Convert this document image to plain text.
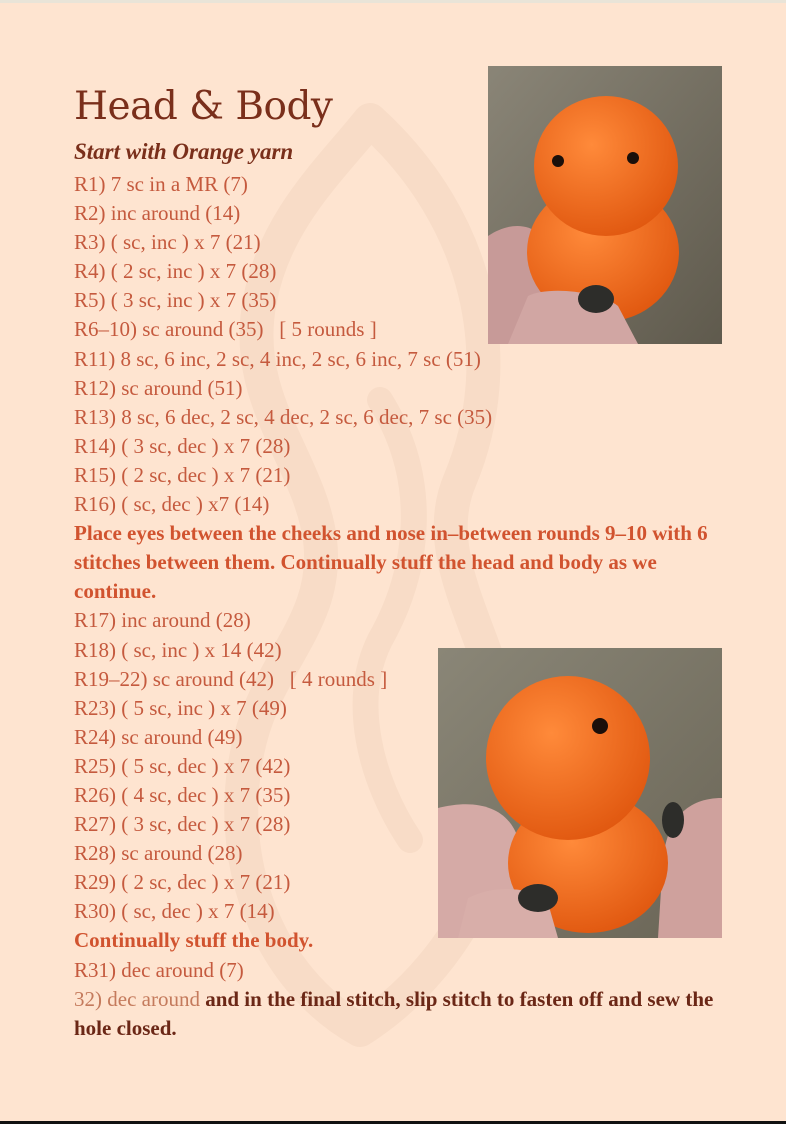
Head & Body
Start with Orange yarn
R1) 7 sc in a MR (7)
R2) inc around (14)
R3) ( sc, inc ) x 7 (21)
R4) ( 2 sc, inc ) x 7 (28)
R5) ( 3 sc, inc ) x 7 (35)
R6–10) sc around (35)   [ 5 rounds ]
R11) 8 sc, 6 inc, 2 sc, 4 inc, 2 sc, 6 inc, 7 sc (51)
R12) sc around (51)
R13) 8 sc, 6 dec, 2 sc, 4 dec, 2 sc, 6 dec, 7 sc (35)
R14) ( 3 sc, dec ) x 7 (28)
R15) ( 2 sc, dec ) x 7 (21)
R16) ( sc, dec ) x7 (14)
Place eyes between the cheeks and nose in–between rounds 9–10 with 6 stitches between them. Continually stuff the head and body as we continue.
R17) inc around (28)
R18) ( sc, inc ) x 14 (42)
R19–22) sc around (42)   [ 4 rounds ]
R23) ( 5 sc, inc ) x 7 (49)
R24) sc around (49)
R25) ( 5 sc, dec ) x 7 (42)
R26) ( 4 sc, dec ) x 7 (35)
R27) ( 3 sc, dec ) x 7 (28)
R28) sc around (28)
R29) ( 2 sc, dec ) x 7 (21)
R30) ( sc, dec ) x 7 (14)
Continually stuff the body.
R31) dec around (7)
32) dec around and in the final stitch, slip stitch to fasten off and sew the hole closed.
